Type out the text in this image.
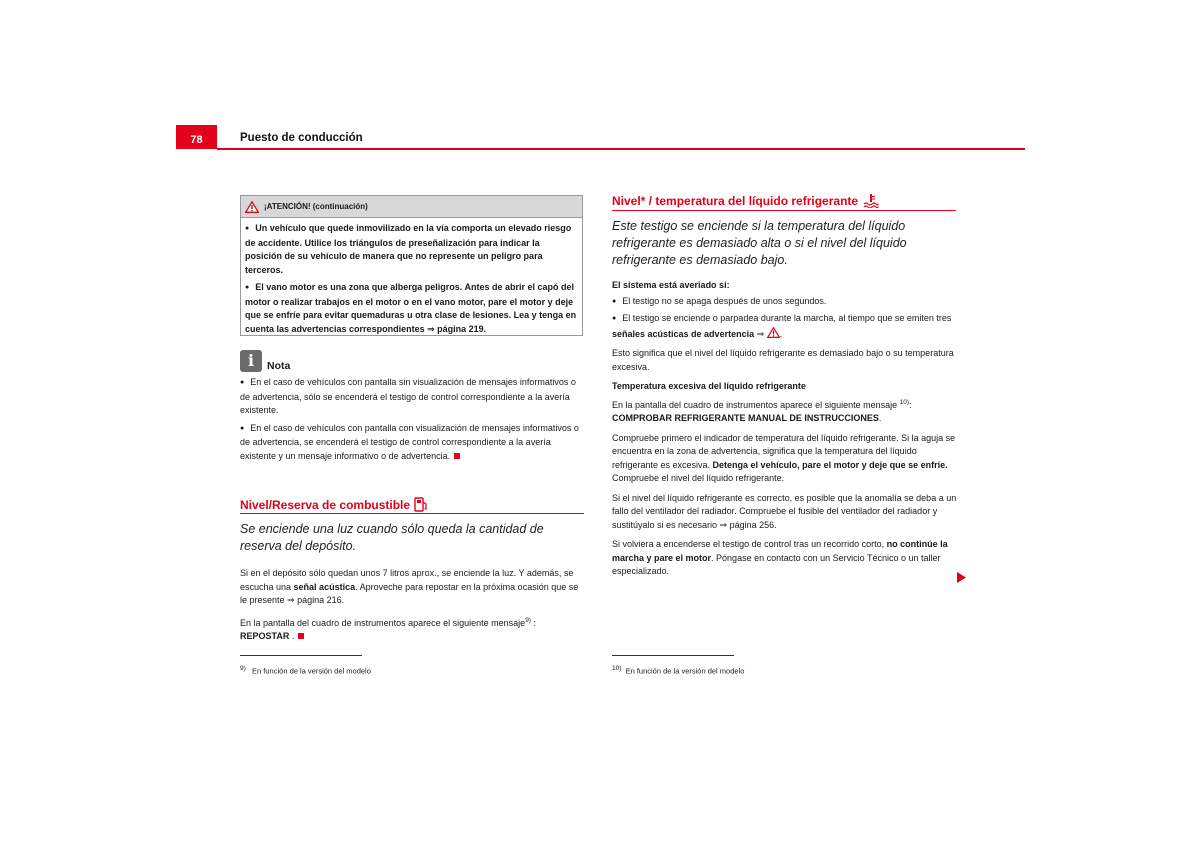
78	Puesto de conducción
¡ATENCIÓN! (continuación)

● Un vehículo que quede inmovilizado en la vía comporta un elevado riesgo de accidente. Utilice los triángulos de preseñalización para indicar la posición de su vehículo de manera que no represente un peligro para terceros.

● El vano motor es una zona que alberga peligros. Antes de abrir el capó del motor o realizar trabajos en el motor o en el vano motor, pare el motor y deje que se enfríe para evitar quemaduras u otra clase de lesiones. Lea y tenga en cuenta las advertencias correspondientes ⇒ página 219.

i	Nota

● En el caso de vehículos con pantalla sin visualización de mensajes informativos o de advertencia, sólo se encenderá el testigo de control correspondiente a la avería existente.

● En el caso de vehículos con pantalla con visualización de mensajes informativos o de advertencia, se encenderá el testigo de control correspondiente a la avería existente y un mensaje informativo o de advertencia.

Nivel/Reserva de combustible
Se enciende una luz cuando sólo queda la cantidad de reserva del depósito.

Si en el depósito sólo quedan unos 7 litros aprox., se enciende la luz. Y además, se escucha una señal acústica. Aproveche para repostar en la próxima ocasión que se le presente ⇒ página 216.

En la pantalla del cuadro de instrumentos aparece el siguiente mensaje$^{9)}$ :
REPOSTAR .

$^{9)}$ En función de la versión del modelo
Nivel* / temperatura del líquido refrigerante
Este testigo se enciende si la temperatura del líquido refrigerante es demasiado alta o si el nivel del líquido refrigerante es demasiado bajo.

El sistema está averiado si:

● El testigo no se apaga después de unos segundos.

● El testigo se enciende o parpadea durante la marcha, al tiempo que se emiten tres señales acústicas de advertencia ⇒ .

Esto significa que el nivel del líquido refrigerante es demasiado bajo o su temperatura excesiva.

Temperatura excesiva del líquido refrigerante

En la pantalla del cuadro de instrumentos aparece el siguiente mensaje $^{10)}$:
COMPROBAR REFRIGERANTE MANUAL DE INSTRUCCIONES.

Compruebe primero el indicador de temperatura del líquido refrigerante. Si la aguja se encuentra en la zona de advertencia, significa que la temperatura del líquido refrigerante es excesiva. Detenga el vehículo, pare el motor y deje que se enfríe. Compruebe el nivel del líquido refrigerante.

Si el nivel del líquido refrigerante es correcto, es posible que la anomalía se deba a un fallo del ventilador del radiador. Compruebe el fusible del ventilador del radiador y sustitúyalo si es necesario ⇒ página 256.

Si volviera a encenderse el testigo de control tras un recorrido corto, no continúe la marcha y pare el motor. Póngase en contacto con un Servicio Técnico o un taller especializado.

$^{10)}$ En función de la versión del modelo
